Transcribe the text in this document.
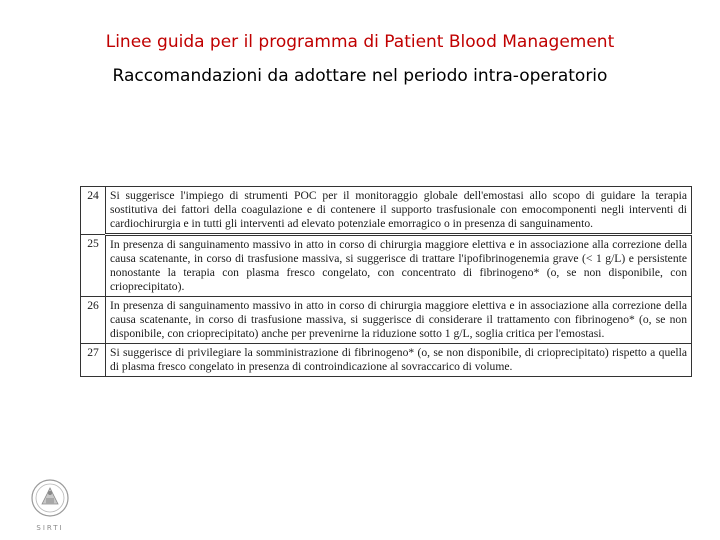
Linee guida per il programma di Patient Blood Management
Raccomandazioni da adottare nel periodo intra-operatorio
24	Si suggerisce l'impiego di strumenti POC per il monitoraggio globale dell'emostasi allo scopo di guidare la terapia sostitutiva dei fattori della coagulazione e di contenere il supporto trasfusionale con emocomponenti negli interventi di cardiochirurgia e in tutti gli interventi ad elevato potenziale emorragico o in presenza di sanguinamento.
25	In presenza di sanguinamento massivo in atto in corso di chirurgia maggiore elettiva e in associazione alla correzione della causa scatenante, in corso di trasfusione massiva, si suggerisce di trattare l'ipofibrinogenemia grave (< 1 g/L) e persistente nonostante la terapia con plasma fresco congelato, con concentrato di fibrinogeno* (o, se non disponibile, con crioprecipitato).
26	In presenza di sanguinamento massivo in atto in corso di chirurgia maggiore elettiva e in associazione alla correzione della causa scatenante, in corso di trasfusione massiva, si suggerisce di considerare il trattamento con fibrinogeno* (o, se non disponibile, con crioprecipitato) anche per prevenirne la riduzione sotto 1 g/L, soglia critica per l'emostasi.
27	Si suggerisce di privilegiare la somministrazione di fibrinogeno* (o, se non disponibile, di crioprecipitato) rispetto a quella di plasma fresco congelato in presenza di controindicazione al sovraccarico di volume.
SIRTI
